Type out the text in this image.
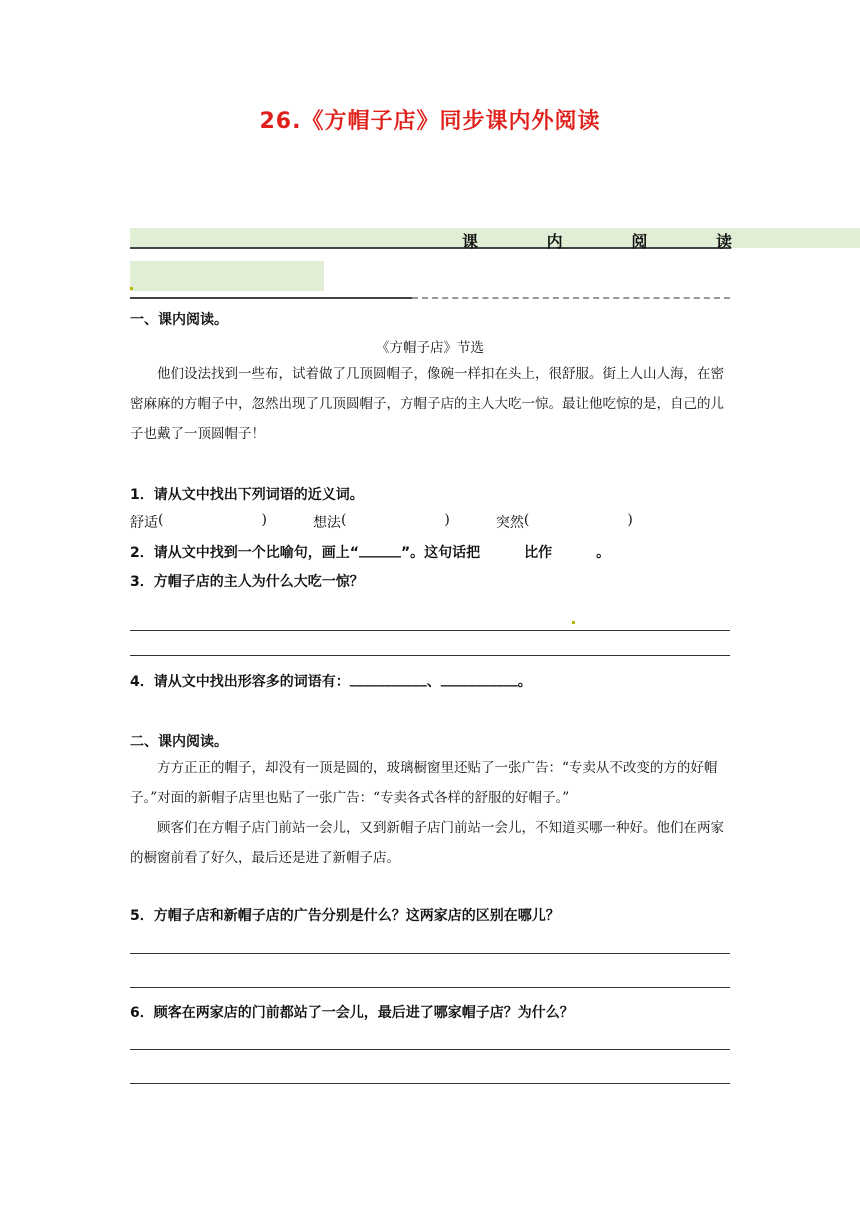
26.《方帽子店》同步课内外阅读
课	内	阅	读
一、课内阅读。
《方帽子店》节选
他们设法找到一些布，试着做了几顶圆帽子，像碗一样扣在头上，很舒服。街上人山人海，在密密麻麻的方帽子中，忽然出现了几顶圆帽子，方帽子店的主人大吃一惊。最让他吃惊的是，自己的儿子也戴了一顶圆帽子！
1．请从文中找出下列词语的近义词。
舒适 (	)	想法 (	)	突然 (	)
2．请从文中找到一个比喻句，画上“ ______ ”。这句话把	比作	。
3．方帽子店的主人为什么大吃一惊？
4．请从文中找出形容多的词语有： ___________ 、 ___________ 。
二、课内阅读。
方方正正的帽子，却没有一顶是圆的，玻璃橱窗里还贴了一张广告：“专卖从不改变的方的好帽子。”对面的新帽子店里也贴了一张广告：“专卖各式各样的舒服的好帽子。”
顾客们在方帽子店门前站一会儿，又到新帽子店门前站一会儿，不知道买哪一种好。他们在两家的橱窗前看了好久，最后还是进了新帽子店。
5．方帽子店和新帽子店的广告分别是什么？这两家店的区别在哪儿？
6．顾客在两家店的门前都站了一会儿，最后进了哪家帽子店？为什么？
